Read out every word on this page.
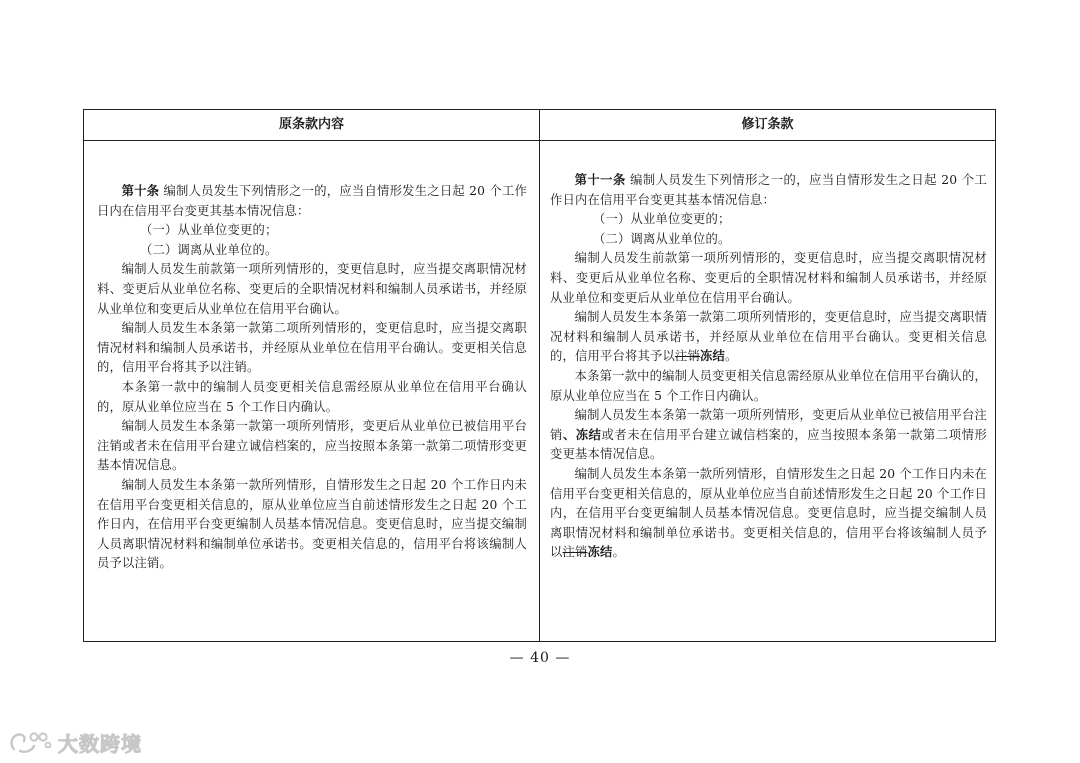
原条款内容	修订条款

第十条 编制人员发生下列情形之一的，应当自情形发生之日起 20 个工作日内在信用平台变更其基本情况信息：

（一）从业单位变更的；

（二）调离从业单位的。

编制人员发生前款第一项所列情形的，变更信息时，应当提交离职情况材料、变更后从业单位名称、变更后的全职情况材料和编制人员承诺书，并经原从业单位和变更后从业单位在信用平台确认。

编制人员发生本条第一款第二项所列情形的，变更信息时，应当提交离职情况材料和编制人员承诺书，并经原从业单位在信用平台确认。变更相关信息的，信用平台将其予以注销。

本条第一款中的编制人员变更相关信息需经原从业单位在信用平台确认的，原从业单位应当在 5 个工作日内确认。

编制人员发生本条第一款第一项所列情形，变更后从业单位已被信用平台注销或者未在信用平台建立诚信档案的，应当按照本条第一款第二项情形变更基本情况信息。

编制人员发生本条第一款所列情形，自情形发生之日起 20 个工作日内未在信用平台变更相关信息的，原从业单位应当自前述情形发生之日起 20 个工作日内，在信用平台变更编制人员基本情况信息。变更信息时，应当提交编制人员离职情况材料和编制单位承诺书。变更相关信息的，信用平台将该编制人员予以注销。

第十一条 编制人员发生下列情形之一的，应当自情形发生之日起 20 个工作日内在信用平台变更其基本情况信息：

（一）从业单位变更的；

（二）调离从业单位的。

编制人员发生前款第一项所列情形的，变更信息时，应当提交离职情况材料、变更后从业单位名称、变更后的全职情况材料和编制人员承诺书，并经原从业单位和变更后从业单位在信用平台确认。

编制人员发生本条第一款第二项所列情形的，变更信息时，应当提交离职情况材料和编制人员承诺书，并经原从业单位在信用平台确认。变更相关信息的，信用平台将其予以注销冻结。

本条第一款中的编制人员变更相关信息需经原从业单位在信用平台确认的，原从业单位应当在 5 个工作日内确认。

编制人员发生本条第一款第一项所列情形，变更后从业单位已被信用平台注销、冻结或者未在信用平台建立诚信档案的，应当按照本条第一款第二项情形变更基本情况信息。

编制人员发生本条第一款所列情形，自情形发生之日起 20 个工作日内未在信用平台变更相关信息的，原从业单位应当自前述情形发生之日起 20 个工作日内，在信用平台变更编制人员基本情况信息。变更信息时，应当提交编制人员离职情况材料和编制单位承诺书。变更相关信息的，信用平台将该编制人员予以注销冻结。

— 40 —
大数跨境
